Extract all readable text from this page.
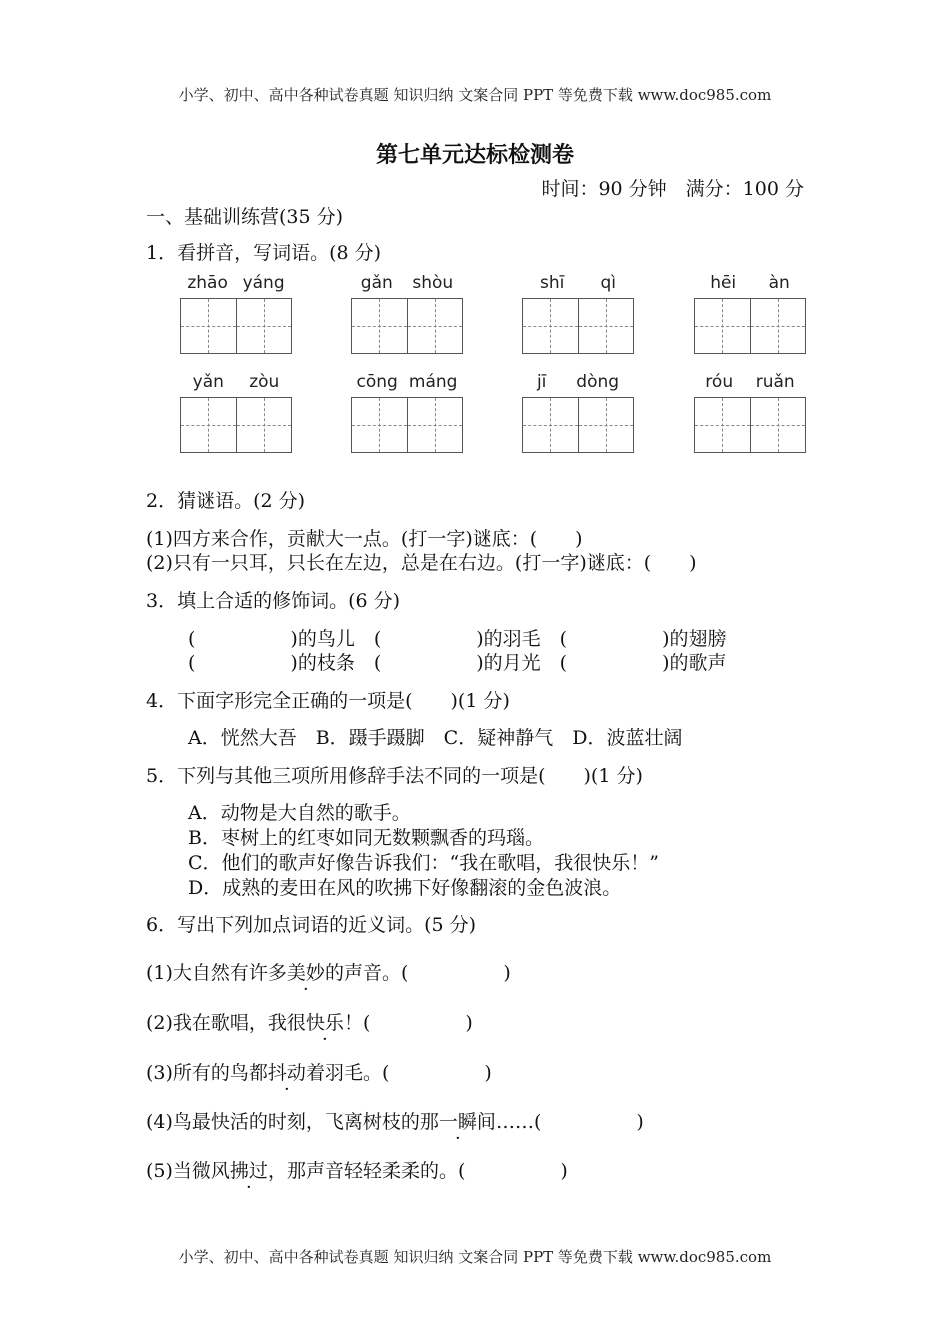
小学、初中、高中各种试卷真题 知识归纳 文案合同 PPT 等免费下载 www.doc985.com
第七单元达标检测卷
时间：90 分钟　满分：100 分
一、基础训练营(35 分)
1．看拼音，写词语。(8 分)
zhāo yáng	gǎn shòu	shī qì	hēi àn
yǎn zòu	cōng máng	jī dòng	róu ruǎn
2．猜谜语。(2 分)
(1)四方来合作，贡献大一点。(打一字)谜底：(　　)
(2)只有一只耳，只长在左边，总是在右边。(打一字)谜底：(　　)
3．填上合适的修饰词。(6 分)
(　　　　　)的鸟儿　(　　　　　)的羽毛　(　　　　　)的翅膀
(　　　　　)的枝条　(　　　　　)的月光　(　　　　　)的歌声
4．下面字形完全正确的一项是(　　)(1 分)
A．恍然大吾　B．蹑手蹑脚　C．疑神静气　D．波蓝壮阔
5．下列与其他三项所用修辞手法不同的一项是(　　)(1 分)
A．动物是大自然的歌手。
B．枣树上的红枣如同无数颗飘香的玛瑙。
C．他们的歌声好像告诉我们：“我在歌唱，我很快乐！”
D．成熟的麦田在风的吹拂下好像翻滚的金色波浪。
6．写出下列加点词语的近义词。(5 分)
(1)大自然有许多美妙的声音。(　　　　　)
(2)我在歌唱，我很快乐！(　　　　　)
(3)所有的鸟都抖动着羽毛。(　　　　　)
(4)鸟最快活的时刻，飞离树枝的那一瞬间……(　　　　　)
(5)当微风拂过，那声音轻轻柔柔的。(　　　　　)
小学、初中、高中各种试卷真题 知识归纳 文案合同 PPT 等免费下载 www.doc985.com
